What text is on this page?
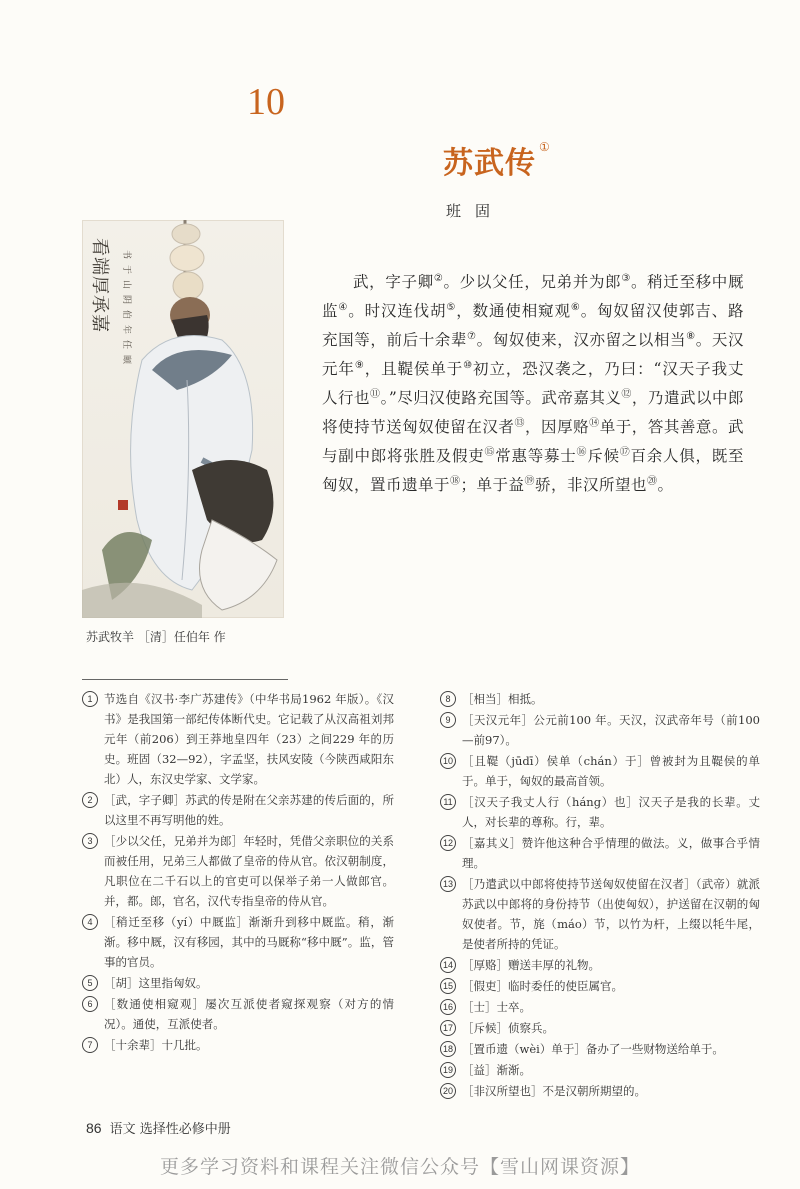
10
苏武传 ①
班固
看端厚承嘉 书于山阴伯年任颐
苏武牧羊 ［清］任伯年 作
武，字子卿②。少以父任，兄弟并为郎③。稍迁至移中厩监④。时汉连伐胡⑤，数通使相窥观⑥。匈奴留汉使郭吉、路充国等，前后十余辈⑦。匈奴使来，汉亦留之以相当⑧。天汉元年⑨，且鞮侯单于⑩初立，恐汉袭之，乃曰：“汉天子我丈人行也⑪。”尽归汉使路充国等。武帝嘉其义⑫，乃遣武以中郎将使持节送匈奴使留在汉者⑬，因厚赂⑭单于，答其善意。武与副中郎将张胜及假吏⑮常惠等募士⑯斥候⑰百余人俱，既至匈奴，置币遗单于⑱；单于益⑲骄，非汉所望也⑳。
1	节选自《汉书·李广苏建传》（中华书局1962 年版）。《汉书》是我国第一部纪传体断代史。它记载了从汉高祖刘邦元年（前206）到王莽地皇四年（23）之间229 年的历史。班固（32—92），字孟坚，扶风安陵（今陕西咸阳东北）人，东汉史学家、文学家。
2	［武，字子卿］苏武的传是附在父亲苏建的传后面的，所以这里不再写明他的姓。
3	［少以父任，兄弟并为郎］年轻时，凭借父亲职位的关系而被任用，兄弟三人都做了皇帝的侍从官。依汉朝制度，凡职位在二千石以上的官吏可以保举子弟一人做郎官。并，都。郎，官名，汉代专指皇帝的侍从官。
4	［稍迁至移（yí）中厩监］渐渐升到移中厩监。稍，渐渐。移中厩，汉有移园，其中的马厩称“移中厩”。监，管事的官员。
5	［胡］这里指匈奴。
6	［数通使相窥观］屡次互派使者窥探观察（对方的情况）。通使，互派使者。
7	［十余辈］十几批。
8	［相当］相抵。
9	［天汉元年］公元前100 年。天汉，汉武帝年号（前100—前97）。
10 ［且鞮（jūdī）侯单（chán）于］曾被封为且鞮侯的单于。单于，匈奴的最高首领。
11 ［汉天子我丈人行（háng）也］汉天子是我的长辈。丈人，对长辈的尊称。行，辈。
12 ［嘉其义］赞许他这种合乎情理的做法。义，做事合乎情理。
13 ［乃遣武以中郎将使持节送匈奴使留在汉者］（武帝）就派苏武以中郎将的身份持节（出使匈奴），护送留在汉朝的匈奴使者。节，旄（máo）节，以竹为杆，上缀以牦牛尾，是使者所持的凭证。
14 ［厚赂］赠送丰厚的礼物。
15 ［假吏］临时委任的使臣属官。
16 ［士］士卒。
17 ［斥候］侦察兵。
18 ［置币遗（wèi）单于］备办了一些财物送给单于。
19 ［益］渐渐。
20 ［非汉所望也］不是汉朝所期望的。
86 语文 选择性必修中册
更多学习资料和课程关注微信公众号【雪山网课资源】
